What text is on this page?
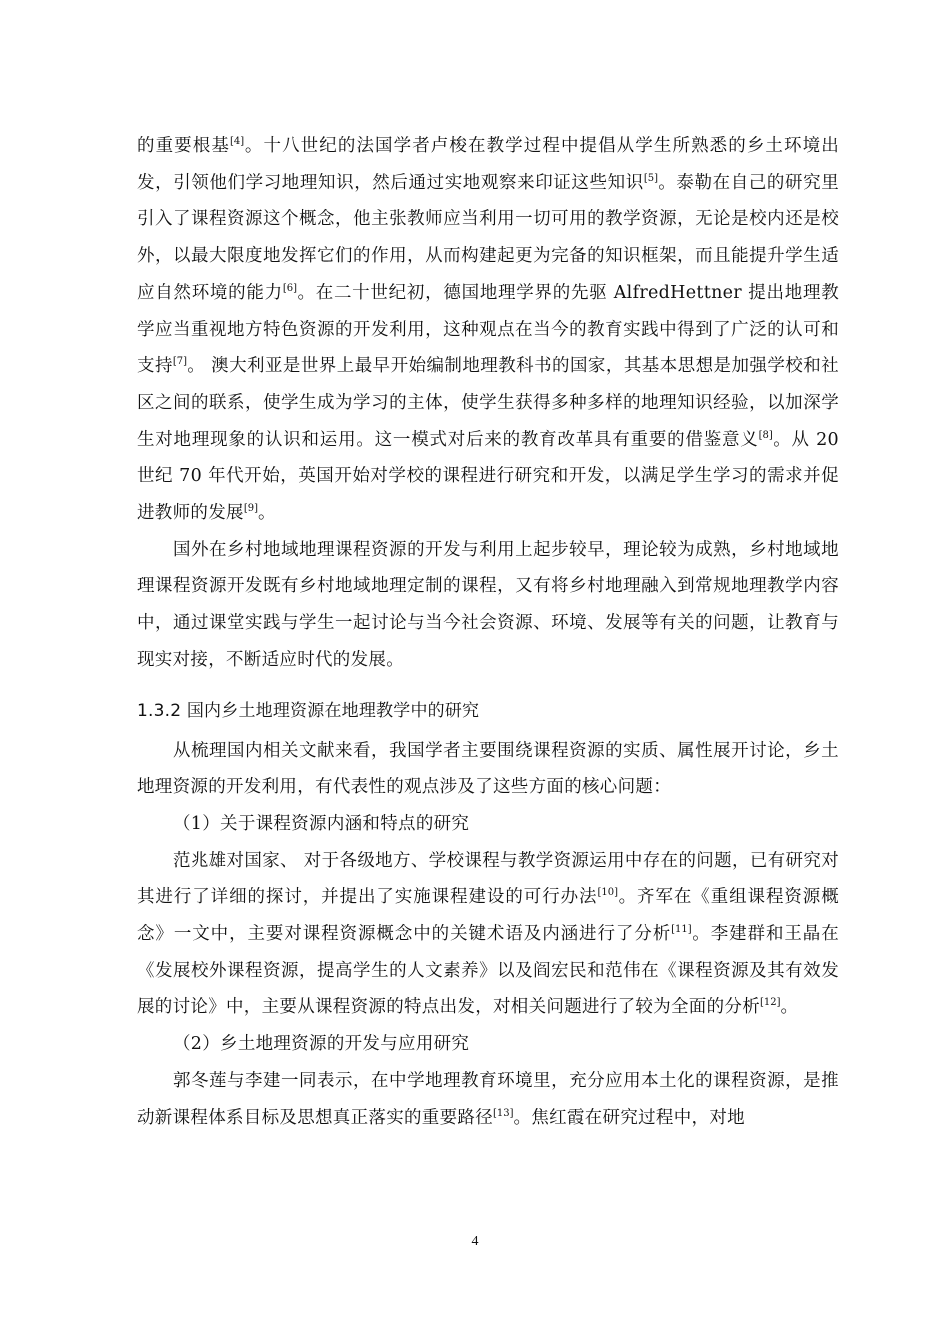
的重要根基[4]。十八世纪的法国学者卢梭在教学过程中提倡从学生所熟悉的乡土环境出发，引领他们学习地理知识，然后通过实地观察来印证这些知识[5]。泰勒在自己的研究里引入了课程资源这个概念，他主张教师应当利用一切可用的教学资源，无论是校内还是校外，以最大限度地发挥它们的作用，从而构建起更为完备的知识框架，而且能提升学生适应自然环境的能力[6]。在二十世纪初，德国地理学界的先驱 AlfredHettner 提出地理教学应当重视地方特色资源的开发利用，这种观点在当今的教育实践中得到了广泛的认可和支持[7]。 澳大利亚是世界上最早开始编制地理教科书的国家，其基本思想是加强学校和社区之间的联系，使学生成为学习的主体，使学生获得多种多样的地理知识经验，以加深学生对地理现象的认识和运用。这一模式对后来的教育改革具有重要的借鉴意义[8]。从 20 世纪 70 年代开始，英国开始对学校的课程进行研究和开发，以满足学生学习的需求并促进教师的发展[9]。

国外在乡村地域地理课程资源的开发与利用上起步较早，理论较为成熟，乡村地域地理课程资源开发既有乡村地域地理定制的课程，又有将乡村地理融入到常规地理教学内容中，通过课堂实践与学生一起讨论与当今社会资源、环境、发展等有关的问题，让教育与现实对接，不断适应时代的发展。

1.3.2 国内乡土地理资源在地理教学中的研究

从梳理国内相关文献来看，我国学者主要围绕课程资源的实质、属性展开讨论，乡土地理资源的开发利用，有代表性的观点涉及了这些方面的核心问题：

（1）关于课程资源内涵和特点的研究

范兆雄对国家、 对于各级地方、学校课程与教学资源运用中存在的问题，已有研究对其进行了详细的探讨，并提出了实施课程建设的可行办法[10]。齐军在《重组课程资源概念》一文中，主要对课程资源概念中的关键术语及内涵进行了分析[11]。李建群和王晶在《发展校外课程资源，提高学生的人文素养》以及阎宏民和范伟在《课程资源及其有效发展的讨论》中，主要从课程资源的特点出发，对相关问题进行了较为全面的分析[12]。

（2）乡土地理资源的开发与应用研究

郭冬莲与李建一同表示，在中学地理教育环境里，充分应用本土化的课程资源，是推动新课程体系目标及思想真正落实的重要路径[13]。焦红霞在研究过程中，对地

4
